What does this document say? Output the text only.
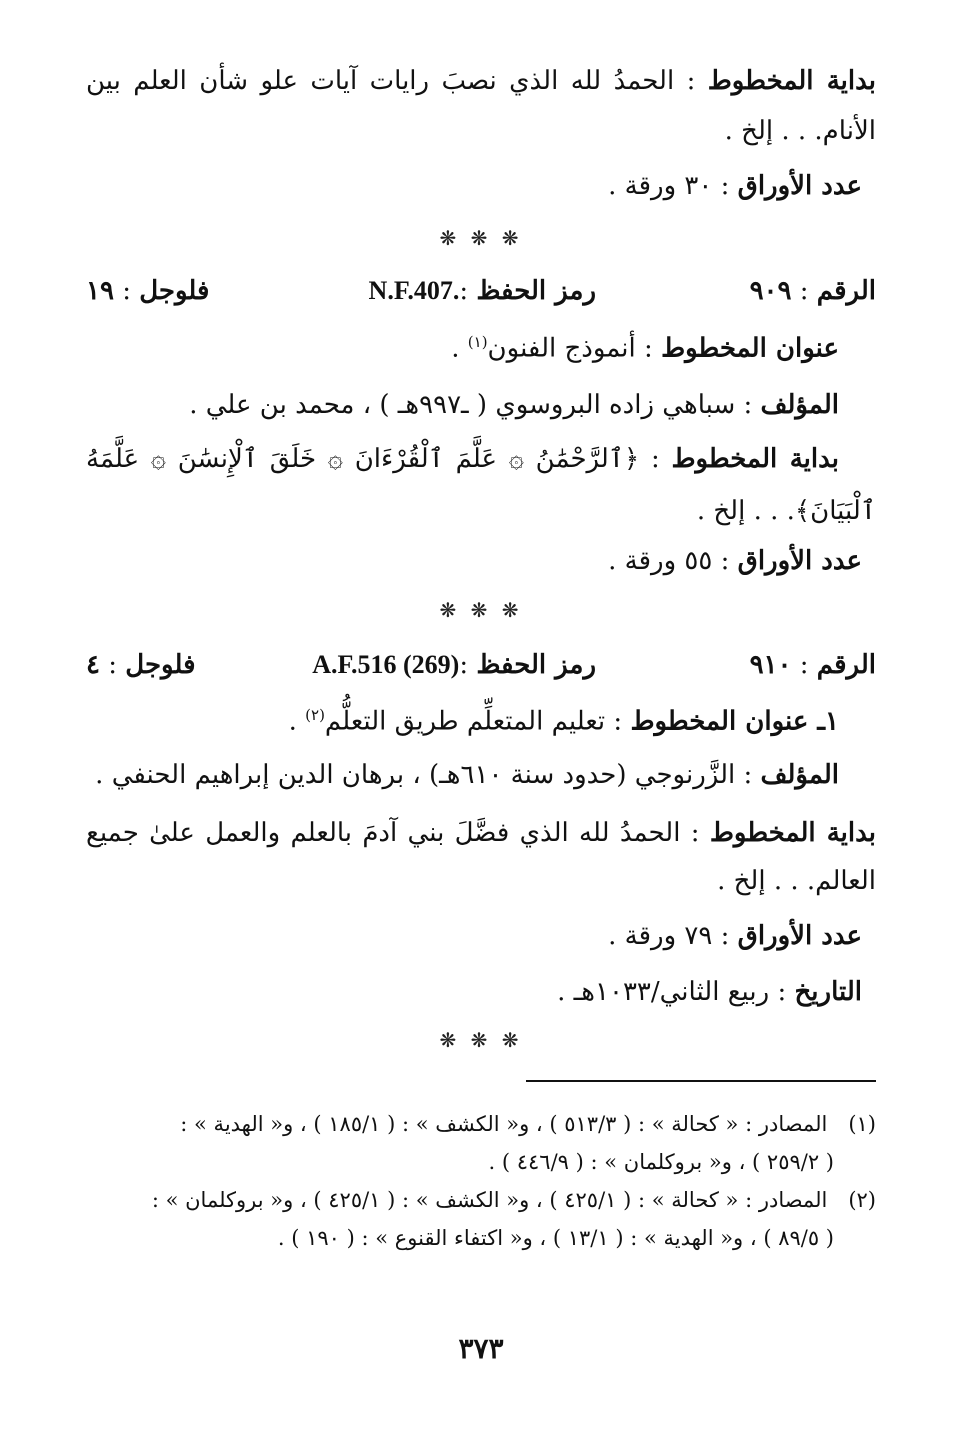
بداية المخطوط : الحمدُ لله الذي نصبَ رايات آيات علو شأن العلم بين
الأنام. . . إلخ .
عدد الأوراق : ٣٠ ورقة .
❋ ❋ ❋
الرقم : ٩٠٩
رمز الحفظ :
N.F.407.
فلوجل : ١٩
عنوان المخطوط : أنموذج الفنون$^{(١)}$ .
المؤلف : سباهي زاده البروسوي ( ـ٩٩٧هـ ) ، محمد بن علي .
بداية المخطوط : ﴿ٱلرَّحْمَٰنُ ۞ عَلَّمَ ٱلْقُرْءَانَ ۞ خَلَقَ ٱلْإِنسَٰنَ ۞ عَلَّمَهُ
ٱلْبَيَانَ﴾. . . إلخ .
عدد الأوراق : ٥٥ ورقة .
❋ ❋ ❋
الرقم : ٩١٠
رمز الحفظ :
A.F.516 (269)
فلوجل : ٤
١ـ عنوان المخطوط : تعليم المتعلِّم طريق التعلُّم$^{(٢)}$ .
المؤلف : الزَّرنوجي (حدود سنة ٦١٠هـ) ، برهان الدين إبراهيم الحنفي .
بداية المخطوط : الحمدُ لله الذي فضَّلَ بني آدمَ بالعلم والعمل علىٰ جميع
العالم. . . إلخ .
عدد الأوراق : ٧٩ ورقة .
التاريخ : ربيع الثاني/١٠٣٣هـ .
❋ ❋ ❋
(١) المصادر : « كحالة » : ( ٥١٣/٣ ) ، و« الكشف » : ( ١٨٥/١ ) ، و« الهدية » :
( ٢٥٩/٢ ) ، و« بروكلمان » : ( ٤٤٦/٩ ) .
(٢) المصادر : « كحالة » : ( ٤٢٥/١ ) ، و« الكشف » : ( ٤٢٥/١ ) ، و« بروكلمان » :
( ٨٩/٥ ) ، و« الهدية » : ( ١٣/١ ) ، و« اكتفاء القنوع » : ( ١٩٠ ) .
٣٧٣
